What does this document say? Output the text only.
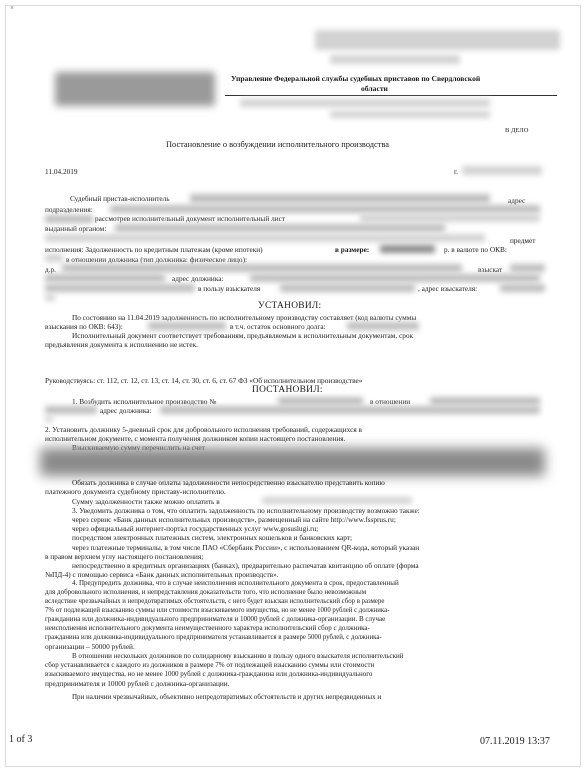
×
Управление Федеральной службы судебных приставов по Свердловской
области
В ДЕЛО
Постановление о возбуждении исполнительного производства
11.04.2019	г.
Судебный пристав-исполнитель	адрес
подразделения:
рассмотрев исполнительный документ исполнительный лист
выданный органом:
предмет
исполнения: Задолженность по кредитным платежам (кроме ипотеки)	в размере:	р. в валюте по ОКВ:
в отношении должника (тип должника: физическое лицо):
д.р.	взыскат
адрес должника:
в пользу взыскателя	, адрес взыскателя:
УСТАНОВИЛ:
По состоянию на 11.04.2019 задолженность по исполнительному производству составляет (код валюты суммы
взыскания по ОКВ: 643):	в т.ч. остаток основного долга:
Исполнительный документ соответствует требованиям, предъявляемым к исполнительным документам, срок
предъявления документа к исполнению не истек.
Руководствуясь: ст. 112, ст. 12, ст. 13, ст. 14, ст. 30, ст. 6, ст. 67 ФЗ «Об исполнительном производстве»
ПОСТАНОВИЛ:
1. Возбудить исполнительное производство №	в отношении
адрес должника:
2. Установить должнику 5-дневный срок для добровольного исполнения требований, содержащихся в
исполнительном документе, с момента получения должником копии настоящего постановления.
Обязать должника в случае оплаты задолженности непосредственно взыскателю представить копию
платежного документа судебному приставу-исполнителю.
Сумму задолженности также можно оплатить в
3. Уведомить должника о том, что оплатить задолженность по исполнительному производству возможно также:
через сервис «Банк данных исполнительных производств», размещенный на сайте http://www.fssprus.ru;
через официальный интернет-портал государственных услуг www.gosuslugi.ru;
посредством электронных платежных систем, электронных кошельков и банковских карт;
через платежные терминалы, в том числе ПАО «Сбербанк России», с использованием QR-кода, который указан
в правом верхнем углу настоящего постановления;
непосредственно в кредитных организациях (банках), предварительно распечатав квитанцию об оплате (форма
№ПД-4) с помощью сервиса «Банк данных исполнительных производств».
4. Предупредить должника, что в случае неисполнения исполнительного документа в срок, предоставленный
для добровольного исполнения, и непредставления доказательств того, что исполнение было невозможным
вследствие чрезвычайных и непредотвратимых обстоятельств, с него будет взыскан исполнительский сбор в размере
7% от подлежащей взысканию суммы или стоимости взыскиваемого имущества, но не менее 1000 рублей с должника-
гражданина или должника-индивидуального предпринимателя и 10000 рублей с должника-организации. В случае
неисполнения исполнительного документа неимущественного характера исполнительский сбор с должника-
гражданина или должника-индивидуального предпринимателя устанавливается в размере 5000 рублей, с должника-
организации – 50000 рублей.
В отношении нескольких должников по солидарному взысканию в пользу одного взыскателя исполнительский
сбор устанавливается с каждого из должников в размере 7% от подлежащей взысканию суммы или стоимости
взыскиваемого имущества, но не менее 1000 рублей с должника-гражданина или должника-индивидуального
предпринимателя и 10000 рублей с должника-организации.
При наличии чрезвычайных, объективно непредотвратимых обстоятельств и других непредвиденных и
1 of 3	07.11.2019 13:37
